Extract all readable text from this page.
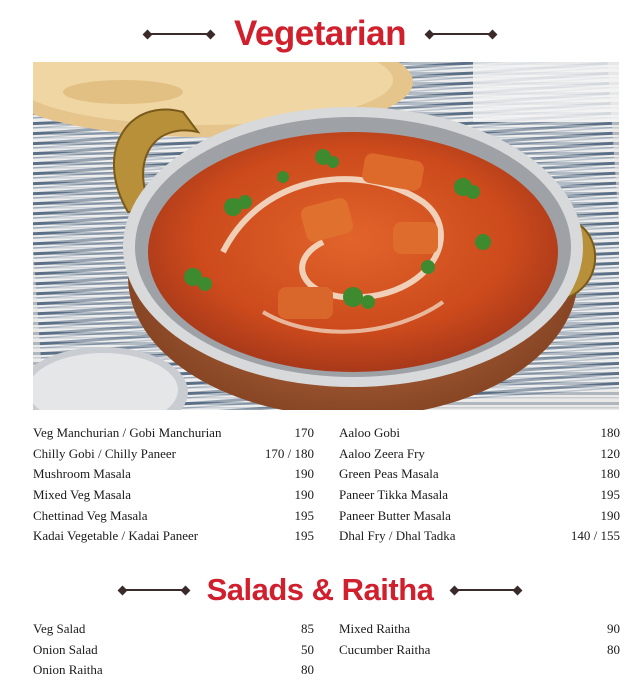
Vegetarian
Veg Manchurian / Gobi Manchurian	170
Chilly Gobi / Chilly Paneer	170 / 180
Mushroom Masala	190
Mixed Veg Masala	190
Chettinad Veg Masala	195
Kadai Vegetable / Kadai Paneer	195
Aaloo Gobi	180
Aaloo Zeera Fry	120
Green Peas Masala	180
Paneer Tikka Masala	195
Paneer Butter Masala	190
Dhal Fry / Dhal Tadka	140 / 155
Salads & Raitha
Veg Salad	85
Onion Salad	50
Onion Raitha	80
Mixed Raitha	90
Cucumber Raitha	80
